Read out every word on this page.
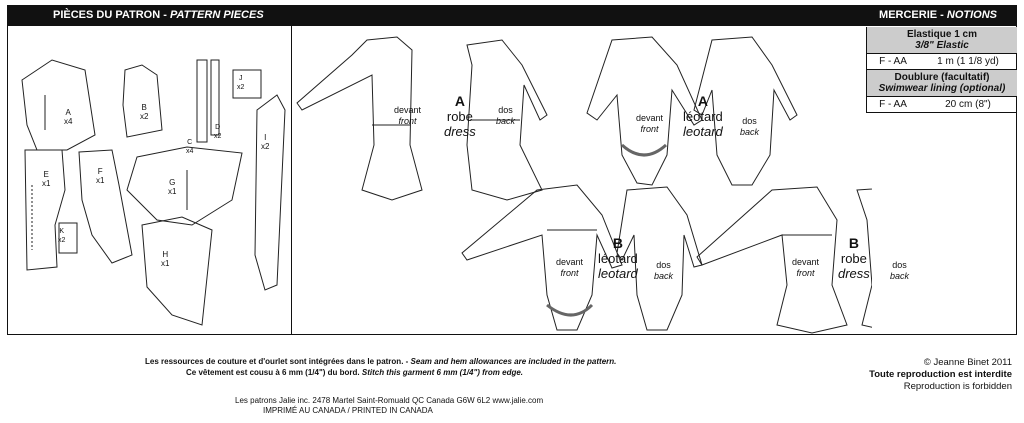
PIÈCES DU PATRON - PATTERN PIECES	MERCERIE - NOTIONS
A
x4
B
x2
C
x4
D
x2
J
x2
I
x2
E
x1
F
x1	G
x1
K
x2
H
x1
devant
front
A
robe
dress
dos
back	devant
front
A
léotard
leotard
dos
back
devant
front
B
léotard
leotard
dos
back
devant
front
B
robe
dress
dos
back
Elastique 1 cm
3/8" Elastic
F - AA	1 m (1 1/8 yd)
Doublure (facultatif)
Swimwear lining (optional)
F - AA	20 cm (8")
Les ressources de couture et d'ourlet sont intégrées dans le patron. - Seam and hem allowances are included in the pattern.
Ce vêtement est cousu à 6 mm (1/4") du bord. Stitch this garment 6 mm (1/4") from edge.
Les patrons Jalie inc. 2478 Martel Saint-Romuald QC Canada G6W 6L2 www.jalie.com
IMPRIMÉ AU CANADA / PRINTED IN CANADA
© Jeanne Binet 2011
Toute reproduction est interdite
Reproduction is forbidden
